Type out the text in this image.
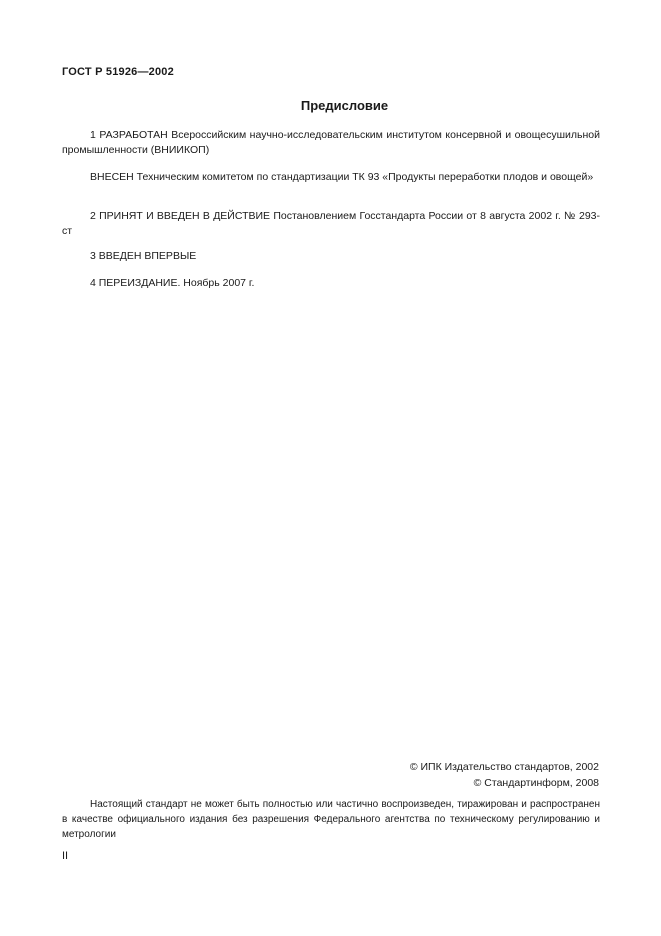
ГОСТ Р 51926—2002
Предисловие

1 РАЗРАБОТАН Всероссийским научно-исследовательским институтом консервной и овощесушильной промышленности (ВНИИКОП)

ВНЕСЕН Техническим комитетом по стандартизации ТК 93 «Продукты переработки плодов и овощей»

2 ПРИНЯТ И ВВЕДЕН В ДЕЙСТВИЕ Постановлением Госстандарта России от 8 августа 2002 г. № 293-ст

3 ВВЕДЕН ВПЕРВЫЕ

4 ПЕРЕИЗДАНИЕ. Ноябрь 2007 г.

© ИПК Издательство стандартов, 2002
© Стандартинформ, 2008

Настоящий стандарт не может быть полностью или частично воспроизведен, тиражирован и распространен в качестве официального издания без разрешения Федерального агентства по техническому регулированию и метрологии

II
